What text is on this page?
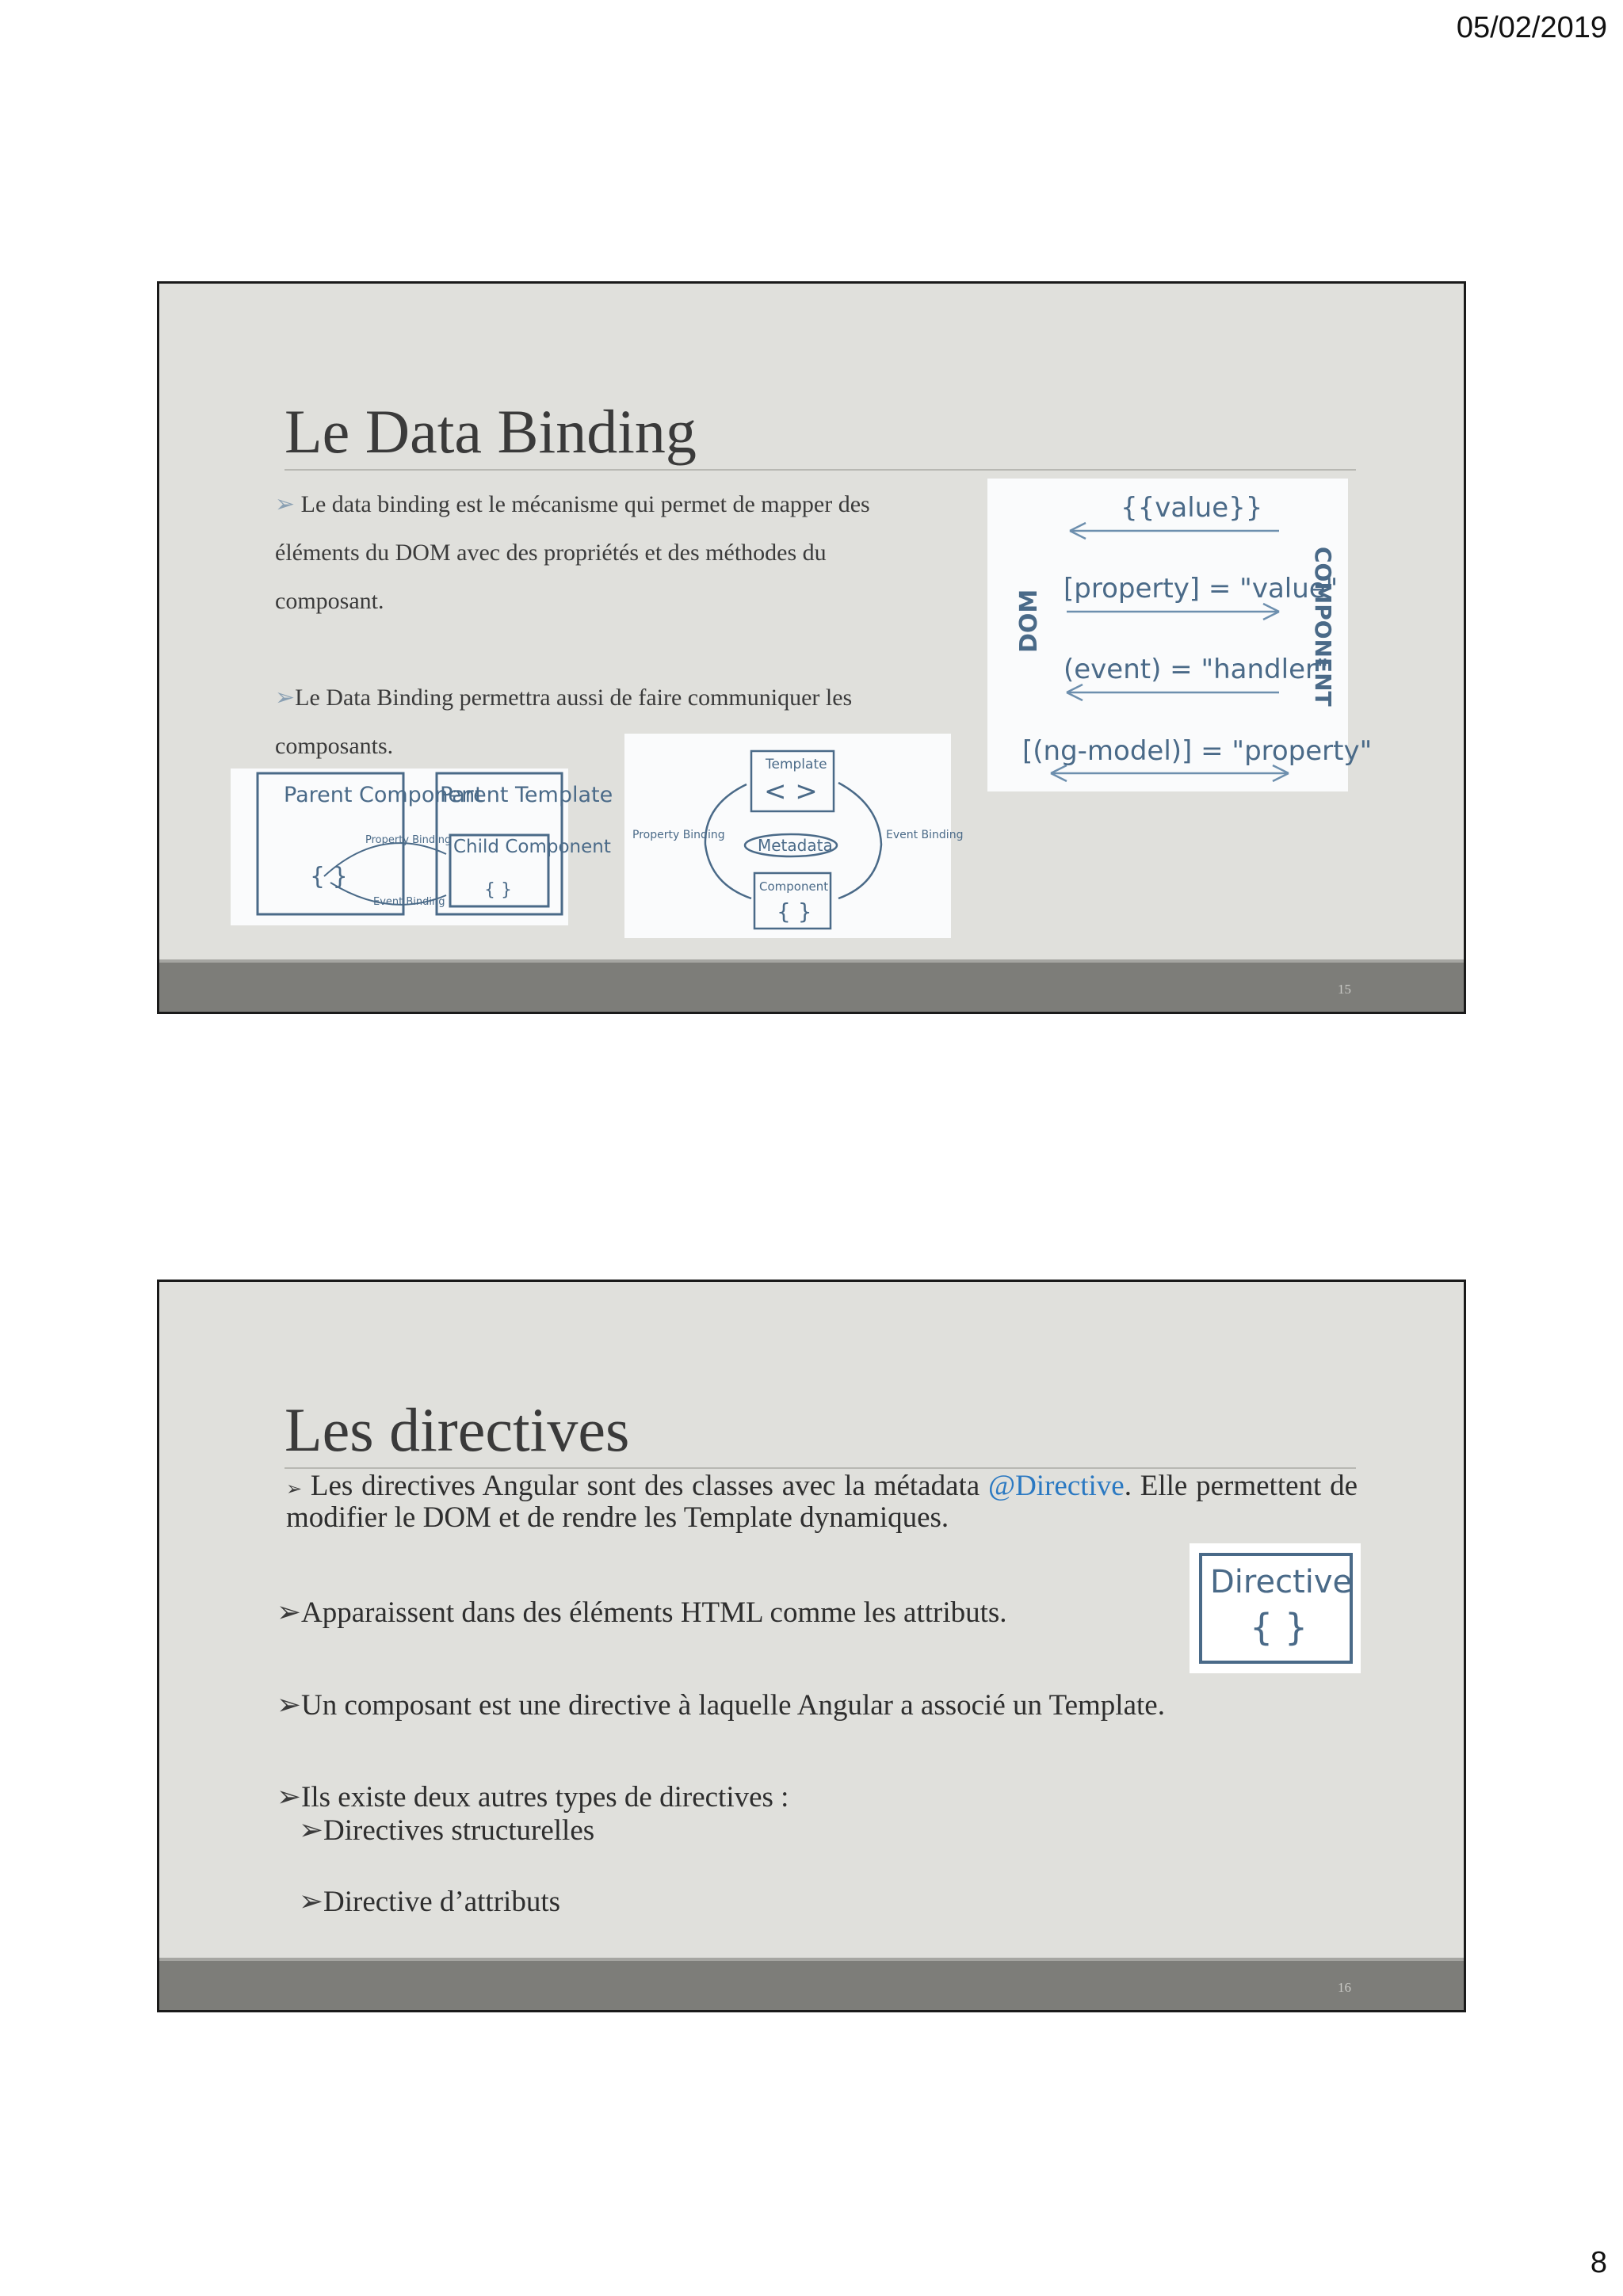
05/02/2019
Le Data Binding

➢ Le data binding est le mécanisme qui permet de mapper des éléments du DOM avec des propriétés et des méthodes du composant.

➢Le Data Binding permettra aussi de faire communiquer les composants.

Parent Component
Parent Template
Child Component
{ }	{ }
Property Binding
Event Binding
Template
< >
Metadata
Component
{ }
Property Binding	Event Binding
{{value}}
[property] = "value"
(event) = "handler"
[(ng-model)] = "property"
DOM	COMPONENT
15
Les directives
➢ Les directives Angular sont des classes avec la métadata @Directive. Elle permettent de modifier le DOM et de rendre les Template dynamiques.
➢Apparaissent dans des éléments HTML comme les attributs.
Directive
{ }
➢Un composant est une directive à laquelle Angular a associé un Template.
➢Ils existe deux autres types de directives :
➢Directives structurelles
➢Directive d’attributs
16
8
